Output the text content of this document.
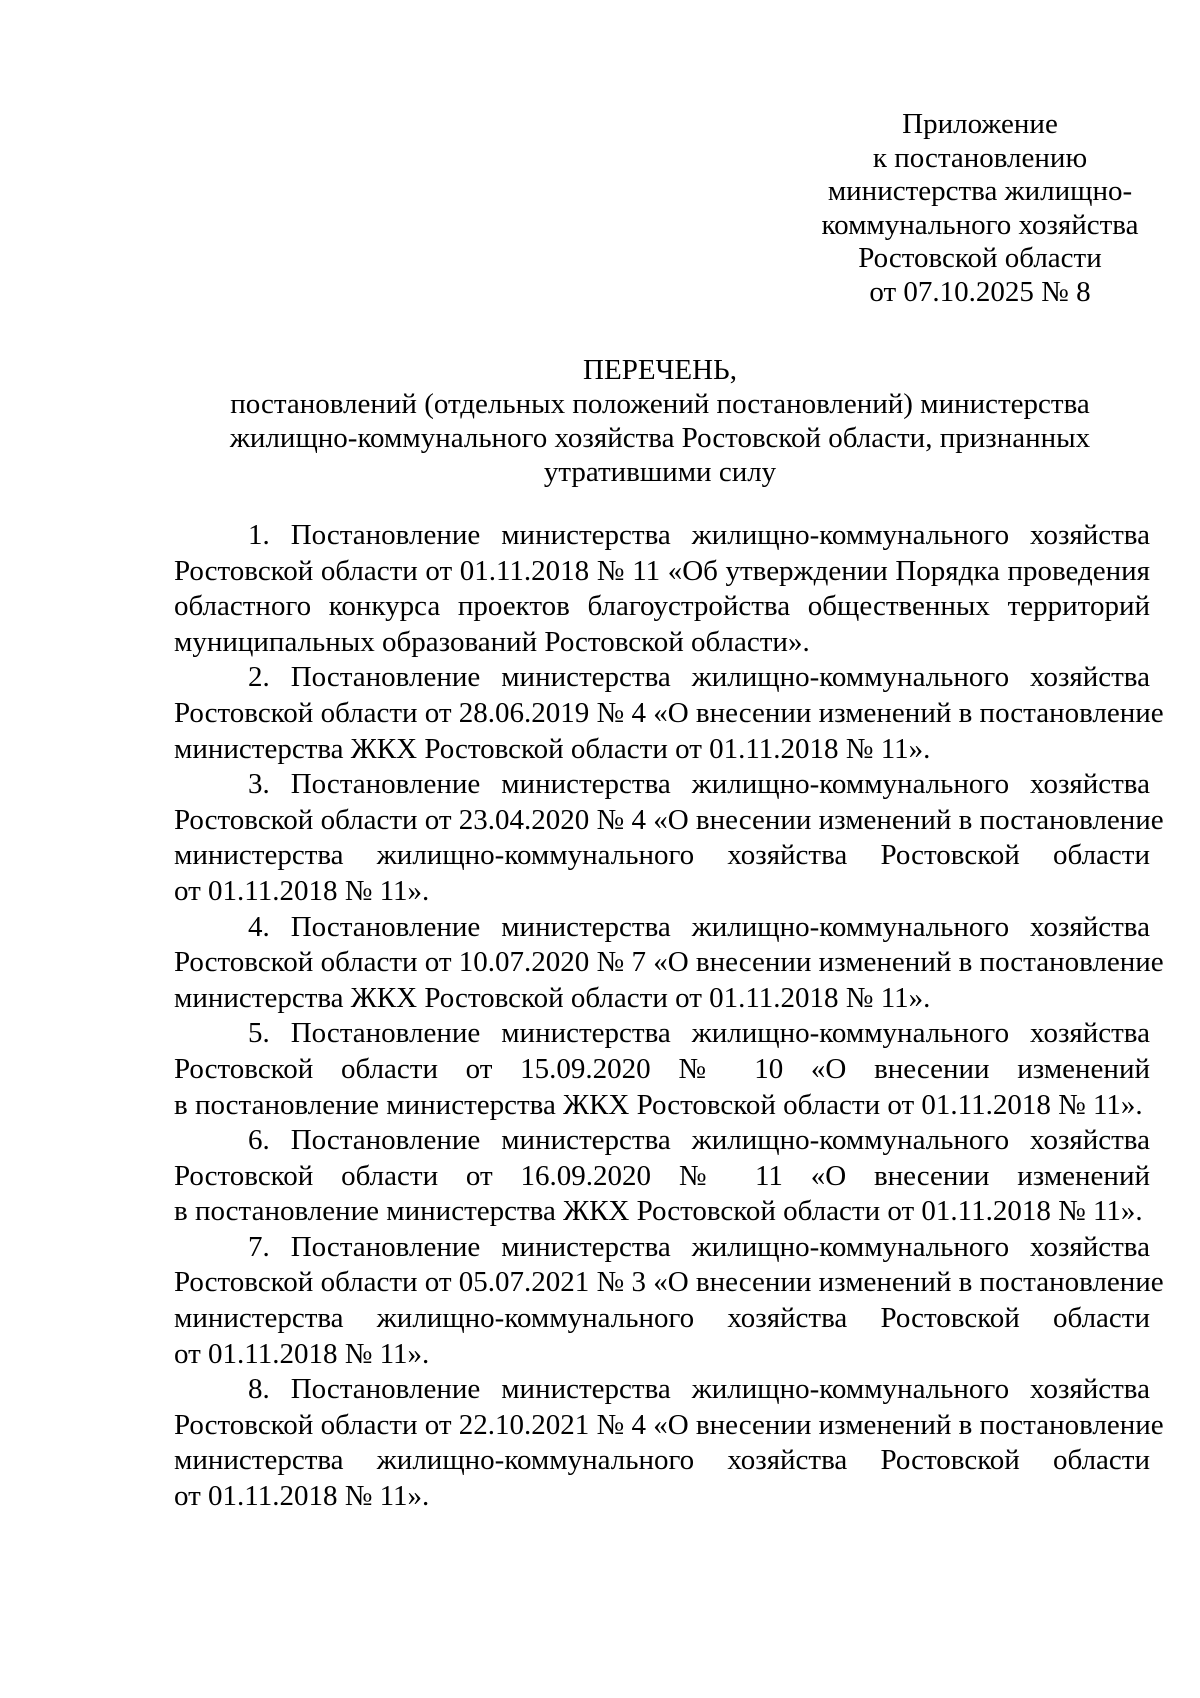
Приложение
к постановлению
министерства жилищно-
коммунального хозяйства
Ростовской области
от 07.10.2025 № 8
ПЕРЕЧЕНЬ,
постановлений (отдельных положений постановлений) министерства
жилищно-коммунального хозяйства Ростовской области, признанных
утратившими силу
1. Постановление министерства жилищно-коммунального хозяйства
Ростовской области от 01.11.2018 № 11 «Об утверждении Порядка проведения
областного конкурса проектов благоустройства общественных территорий
муниципальных образований Ростовской области».
2. Постановление министерства жилищно-коммунального хозяйства
Ростовской области от 28.06.2019 № 4 «О внесении изменений в постановление
министерства ЖКХ Ростовской области от 01.11.2018 № 11».
3. Постановление министерства жилищно-коммунального хозяйства
Ростовской области от 23.04.2020 № 4 «О внесении изменений в постановление
министерства жилищно-коммунального хозяйства Ростовской области
от 01.11.2018 № 11».
4. Постановление министерства жилищно-коммунального хозяйства
Ростовской области от 10.07.2020 № 7 «О внесении изменений в постановление
министерства ЖКХ Ростовской области от 01.11.2018 № 11».
5. Постановление министерства жилищно-коммунального хозяйства
Ростовской области от 15.09.2020 № 10 «О внесении изменений
в постановление министерства ЖКХ Ростовской области от 01.11.2018 № 11».
6. Постановление министерства жилищно-коммунального хозяйства
Ростовской области от 16.09.2020 № 11 «О внесении изменений
в постановление министерства ЖКХ Ростовской области от 01.11.2018 № 11».
7. Постановление министерства жилищно-коммунального хозяйства
Ростовской области от 05.07.2021 № 3 «О внесении изменений в постановление
министерства жилищно-коммунального хозяйства Ростовской области
от 01.11.2018 № 11».
8. Постановление министерства жилищно-коммунального хозяйства
Ростовской области от 22.10.2021 № 4 «О внесении изменений в постановление
министерства жилищно-коммунального хозяйства Ростовской области
от 01.11.2018 № 11».
